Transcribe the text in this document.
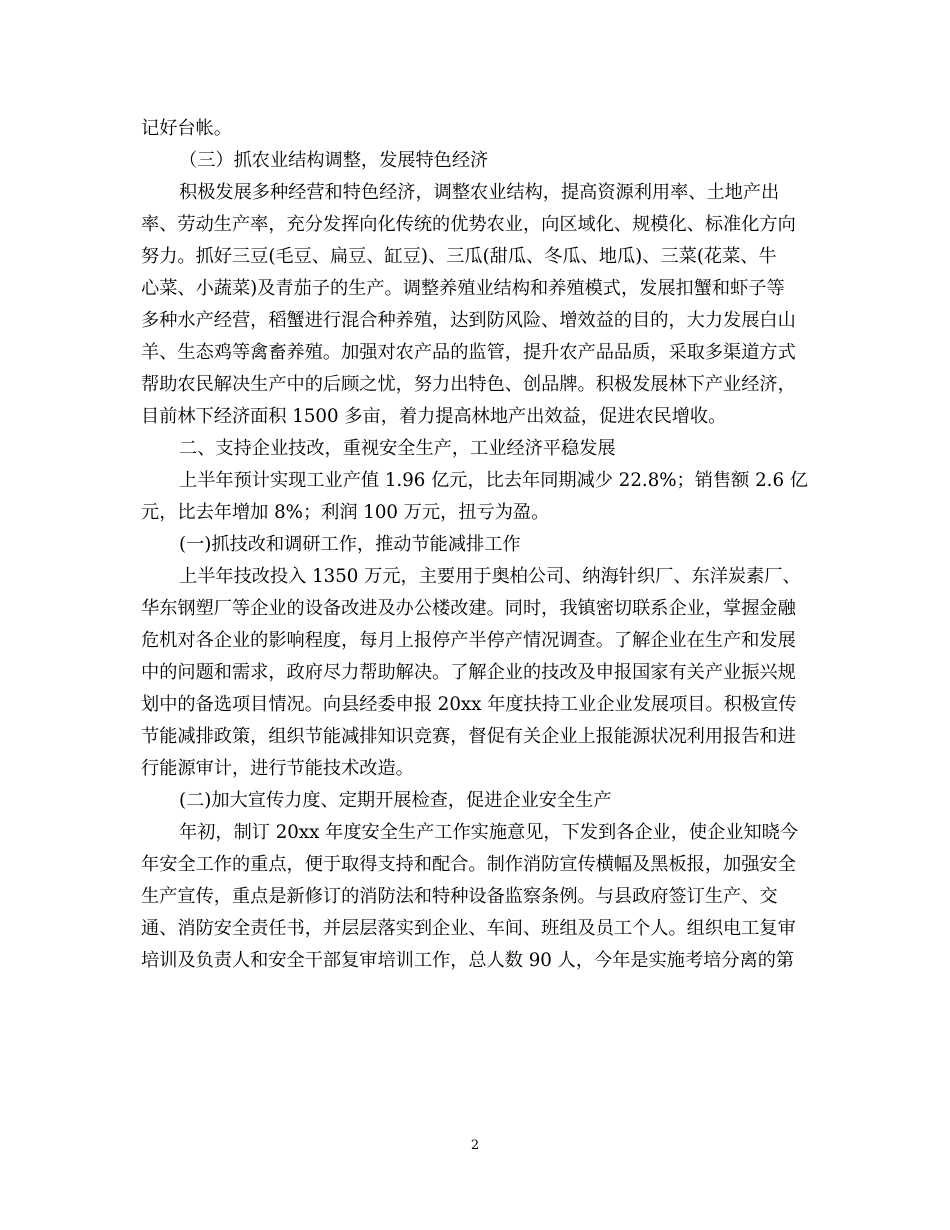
记好台帐。

（三）抓农业结构调整，发展特色经济

积极发展多种经营和特色经济，调整农业结构，提高资源利用率、土地产出

率、劳动生产率，充分发挥向化传统的优势农业，向区域化、规模化、标准化方向

努力。抓好三豆(毛豆、扁豆、缸豆)、三瓜(甜瓜、冬瓜、地瓜)、三菜(花菜、牛

心菜、小蔬菜)及青茄子的生产。调整养殖业结构和养殖模式，发展扣蟹和虾子等

多种水产经营，稻蟹进行混合种养殖，达到防风险、增效益的目的，大力发展白山

羊、生态鸡等禽畜养殖。加强对农产品的监管，提升农产品品质，采取多渠道方式

帮助农民解决生产中的后顾之忧，努力出特色、创品牌。积极发展林下产业经济，

目前林下经济面积 1500 多亩，着力提高林地产出效益，促进农民增收。

二、支持企业技改，重视安全生产，工业经济平稳发展

上半年预计实现工业产值 1.96 亿元，比去年同期减少 22.8%；销售额 2.6 亿

元，比去年增加 8%；利润 100 万元，扭亏为盈。

(一)抓技改和调研工作，推动节能减排工作

上半年技改投入 1350 万元，主要用于奥柏公司、纳海针织厂、东洋炭素厂、

华东钢塑厂等企业的设备改进及办公楼改建。同时，我镇密切联系企业，掌握金融

危机对各企业的影响程度，每月上报停产半停产情况调查。了解企业在生产和发展

中的问题和需求，政府尽力帮助解决。了解企业的技改及申报国家有关产业振兴规

划中的备选项目情况。向县经委申报 20xx 年度扶持工业企业发展项目。积极宣传

节能减排政策，组织节能减排知识竞赛，督促有关企业上报能源状况利用报告和进

行能源审计，进行节能技术改造。

(二)加大宣传力度、定期开展检查，促进企业安全生产

年初，制订 20xx 年度安全生产工作实施意见，下发到各企业，使企业知晓今

年安全工作的重点，便于取得支持和配合。制作消防宣传横幅及黑板报，加强安全

生产宣传，重点是新修订的消防法和特种设备监察条例。与县政府签订生产、交

通、消防安全责任书，并层层落实到企业、车间、班组及员工个人。组织电工复审

培训及负责人和安全干部复审培训工作，总人数 90 人，今年是实施考培分离的第

2
